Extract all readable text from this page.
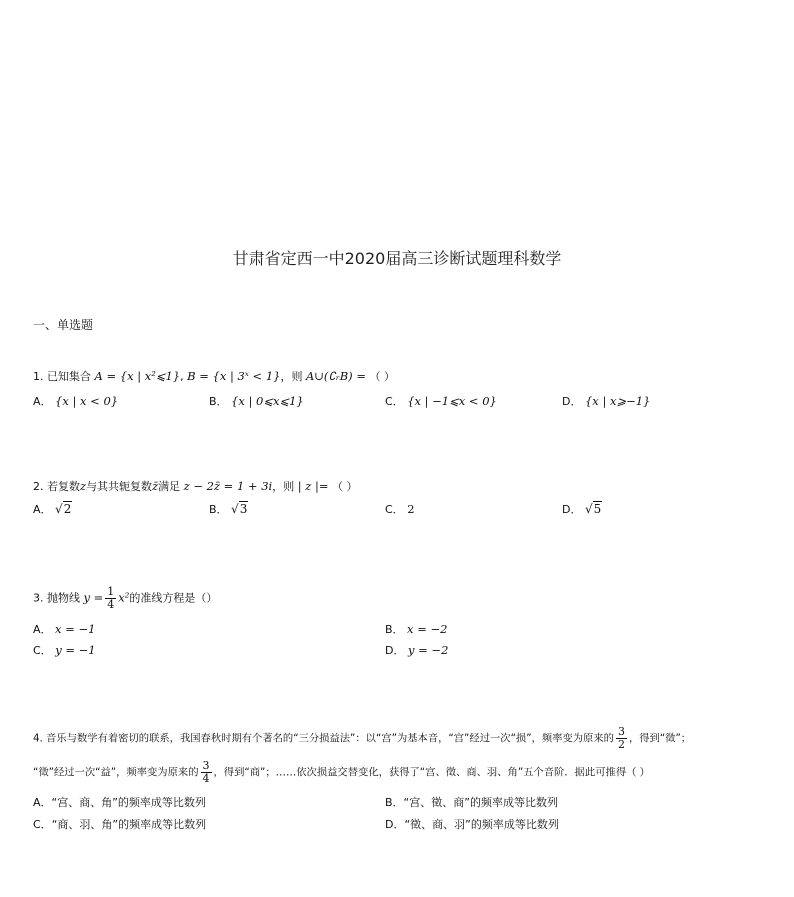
甘肃省定西一中2020届高三诊断试题理科数学
一、单选题
1. 已知集合 A = {x | x²⩽1}, B = {x | 3ˣ < 1}，则 A∪(∁ᵣB) = （ ）
A． {x | x < 0}	B． {x | 0⩽x⩽1}	C． {x | −1⩽x < 0}	D． {x | x⩾−1}
2. 若复数z与其共轭复数z̄满足 z − 2z̄ = 1 + 3i，则 | z |= （ ）
A． √2	B． √3	C． 2	D． √5
3. 抛物线 $y = \frac{1}{4} x^2$的准线方程是（）
A． x = −1	B． x = −2
C． y = −1	D． y = −2
4. 音乐与数学有着密切的联系，我国春秋时期有个著名的“三分损益法”：以“宫”为基本音，“宫”经过一次“损”，频率变为原来的 $\frac{3}{2}$ ，得到“徵”；
“徵”经过一次“益”，频率变为原来的 $\frac{3}{4}$ ，得到“商”；……依次损益交替变化，获得了“宫、徵、商、羽、角”五个音阶．据此可推得（ ）
A．“宫、商、角”的频率成等比数列	B．“宫、徵、商”的频率成等比数列
C．“商、羽、角”的频率成等比数列	D．“徵、商、羽”的频率成等比数列
